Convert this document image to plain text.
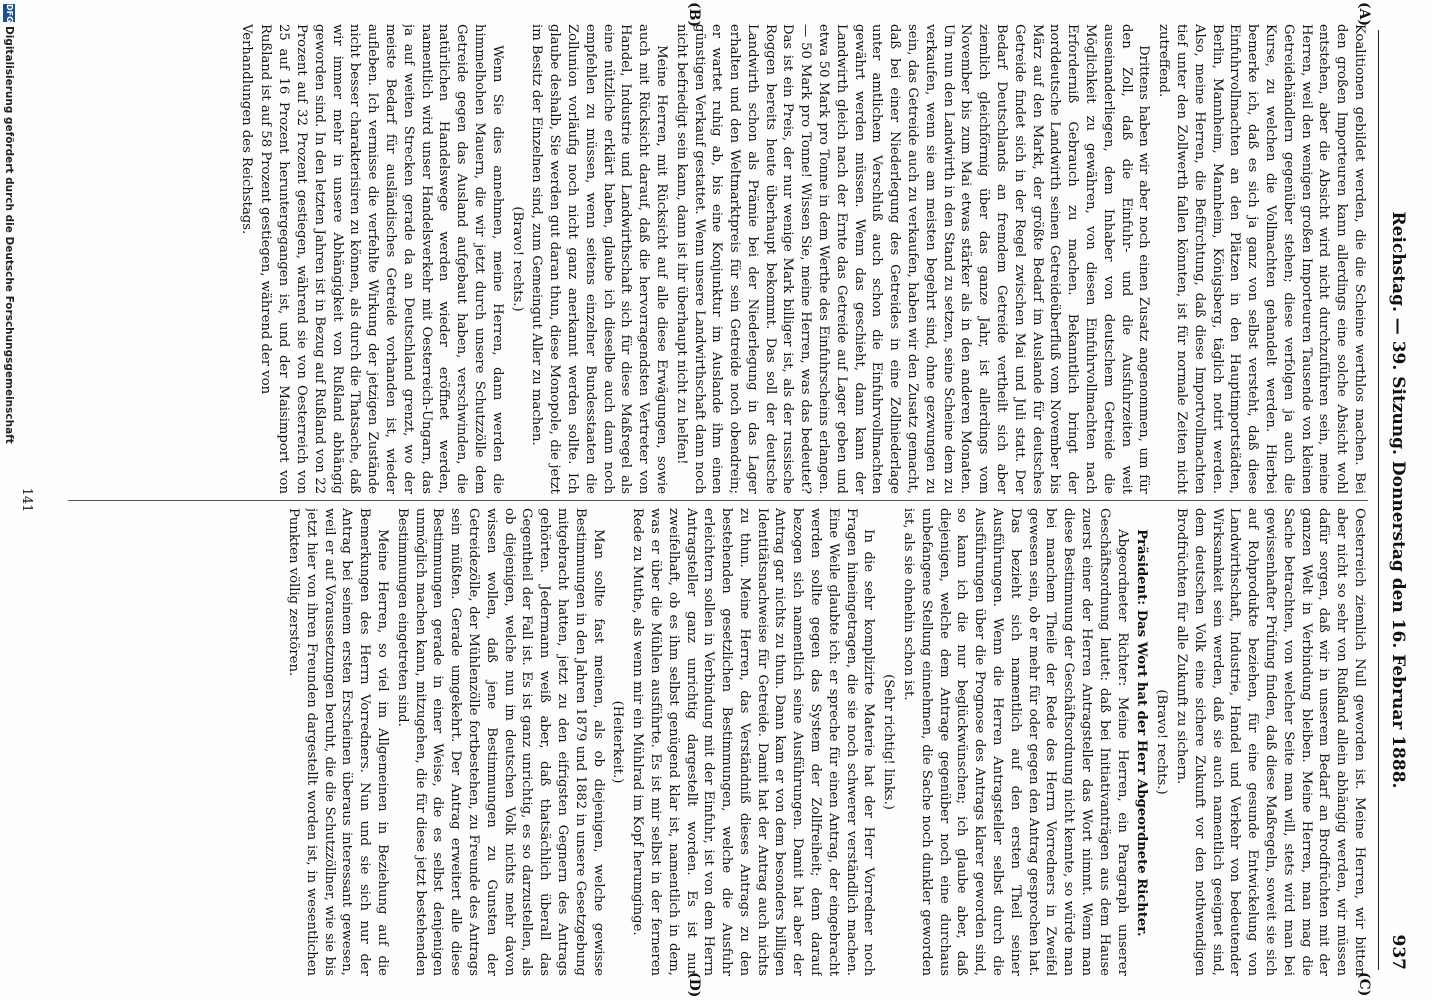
Reichstag. — 39. Sitzung. Donnerstag den 16. Februar 1888.
937
(A)
(B)
(C)
(D)

Koalitionen gebildet werden, die die Scheine werthlos machen. Bei den großen Importeuren kann allerdings eine solche Absicht wohl entstehen, aber die Absicht wird nicht durchzuführen sein, meine Herren, weil den wenigen großen Importeuren Tausende von kleinen Getreidehändlern gegenüber stehen; diese verfolgen ja auch die Kurse, zu welchen die Vollmachten gehandelt werden. Hierbei bemerke ich, daß es sich ja ganz von selbst versteht, daß diese Einfuhrvollmachten an den Plätzen in den Hauptimportstädten, Berlin, Mannheim, Mannheim, Königsberg, täglich notirt werden. Also, meine Herren, die Befürchtung, daß diese Importvollmachten tief unter den Zollwerth fallen könnten, ist für normale Zeiten nicht zutreffend.

Drittens haben wir aber noch einen Zusatz angenommen, um für den Zoll, daß die Einfuhr- und die Ausfuhrzeiten weit auseinanderliegen, dem Inhaber von deutschem Getreide die Möglichkeit zu gewähren, von diesen Einfuhrvollmachten nach Erforderniß Gebrauch zu machen. Bekanntlich bringt der norddeutsche Landwirth seinen Getreideüberfluß vom November bis März auf den Markt, der größte Bedarf im Auslande für deutsches Getreide findet sich in der Regel zwischen Mai und Juli statt. Der Bedarf Deutschlands an fremdem Getreide vertheilt sich aber ziemlich gleichförmig über das ganze Jahr, ist allerdings vom November bis zum Mai etwas stärker als in den anderen Monaten. Um nun den Landwirth in den Stand zu setzen, seine Scheine dem zu verkaufen, wenn sie am meisten begehrt sind, ohne gezwungen zu sein, das Getreide auch zu verkaufen, haben wir den Zusatz gemacht, daß bei einer Niederlegung des Getreides in eine Zollniederlage unter amtlichem Verschluß auch schon die Einfuhrvollmachten gewährt werden müssen. Wenn das geschieht, dann kann der Landwirth gleich nach der Ernte das Getreide auf Lager geben und etwa 50 Mark pro Tonne in dem Werthe des Einfuhrscheins erlangen. — 50 Mark pro Tonne! Wissen Sie, meine Herren, was das bedeutet? Das ist ein Preis, der nur wenige Mark billiger ist, als der russische Roggen bereits heute überhaupt bekommt. Das soll der deutsche Landwirth schon als Prämie bei der Niederlegung in das Lager erhalten und den Weltmarktpreis für sein Getreide noch obendrein; er wartet ruhig ab, bis eine Konjunktur im Auslande ihm einen günstigen Verkauf gestattet. Wenn unsere Landwirthschaft dann noch nicht befriedigt sein kann, dann ist ihr überhaupt nicht zu helfen!

Meine Herren, mit Rücksicht auf alle diese Erwägungen, sowie auch mit Rücksicht darauf, daß die hervorragendsten Vertreter von Handel, Industrie und Landwirthschaft sich für diese Maßregel als eine nützliche erklärt haben, glaube ich dieselbe auch dann noch empfehlen zu müssen, wenn seitens einzelner Bundesstaaten die Zollunion vorläufig noch nicht ganz anerkannt werden sollte. Ich glaube deshalb, Sie werden gut daran thun, diese Monopole, die jetzt im Besitz der Einzelnen sind, zum Gemeingut Aller zu machen.

(Bravo! rechts.)

Wenn Sie dies annehmen, meine Herren, dann werden die himmelhohen Mauern, die wir jetzt durch unsere Schutzzölle dem Getreide gegen das Ausland aufgebaut haben, verschwinden, die natürlichen Handelswege werden wieder eröffnet werden, namentlich wird unser Handelsverkehr mit Oesterreich-Ungarn, das ja auf weiten Strecken gerade da an Deutschland grenzt, wo der meiste Bedarf für ausländisches Getreide vorhanden ist, wieder aufleben. Ich vermisse die verfehlte Wirkung der jetzigen Zustände nicht besser charakterisiren zu können, als durch die Thatsache, daß wir immer mehr in unsere Abhängigkeit von Rußland abhängig geworden sind. In den letzten Jahren ist in Bezug auf Rußland von 22 Prozent auf 32 Prozent gestiegen, während sie von Oesterreich von 25 auf 16 Prozent heruntergegangen ist, und der Maisimport von Rußland ist auf 58 Prozent gestiegen, während der von

Verhandlungen des Reichstags.

Oesterreich ziemlich Null geworden ist. Meine Herren, wir bitten aber nicht so sehr von Rußland allein abhängig werden, wir müssen dafür sorgen, daß wir in unserem Bedarf an Brodfrüchten mit der ganzen Welt in Verbindung bleiben. Meine Herren, man mag die Sache betrachten, von welcher Seite man will, stets wird man bei gewissenhafter Prüfung finden, daß diese Maßregeln, soweit sie sich auf Rohprodukte beziehen, für eine gesunde Entwickelung von Landwirthschaft, Industrie, Handel und Verkehr von bedeutender Wirksamkeit sein werden, daß sie auch namentlich geeignet sind, dem deutschen Volk eine sichere Zukunft vor den nothwendigen Brodfrüchten für alle Zukunft zu sichern.

(Bravo! rechts.)

Präsident: Das Wort hat der Herr Abgeordnete Richter.

Abgeordneter Richter: Meine Herren, ein Paragraph unserer Geschäftsordnung lautet: daß bei Initiativanträgen aus dem Hause zuerst einer der Herren Antragsteller das Wort nimmt. Wenn man diese Bestimmung der Geschäftsordnung nicht kennte, so würde man bei manchem Theile der Rede des Herrn Vorredners in Zweifel gewesen sein, ob er mehr für oder gegen den Antrag gesprochen hat. Das bezieht sich namentlich auf den ersten Theil seiner Ausführungen. Wenn die Herren Antragsteller selbst durch die Ausführungen über die Prognose des Antrags klarer geworden sind, so kann ich die nur beglückwünschen; ich glaube aber, daß diejenigen, welche dem Antrage gegenüber noch eine durchaus unbefangene Stellung einnehmen, die Sache noch dunkler geworden ist, als sie ohnehin schon ist.

(Sehr richtig! links.)

In die sehr komplizirte Materie hat der Herr Vorredner noch Fragen hineingetragen, die sie noch schwerer verständlich machen. Eine Weile glaubte ich: er spreche für einen Antrag, der eingebracht werden sollte gegen das System der Zollfreiheit; denn darauf bezogen sich namentlich seine Ausführungen. Damit hat aber der Antrag gar nichts zu thun. Dann kam er von dem besonders billigen Identitätsnachweise für Getreide. Damit hat der Antrag auch nichts zu thun. Meine Herren, das Verständniß dieses Antrags zu den bestehenden gesetzlichen Bestimmungen, welche die Ausfuhr erleichtern sollen in Verbindung mit der Einfuhr, ist von dem Herrn Antragsteller ganz unrichtig dargestellt worden. Es ist nur zweifelhaft, ob es ihm selbst genügend klar ist, namentlich in dem, was er über die Mühlen ausführte. Es ist mir selbst in der ferneren Rede zu Muthe, als wenn mir ein Mühlrad im Kopf herumginge.

(Heiterkeit.)

Man sollte fast meinen, als ob diejenigen, welche gewisse Bestimmungen in den Jahren 1879 und 1882 in unsere Gesetzgebung mitgebracht hatten, jetzt zu den eifrigsten Gegnern des Antrags gehörten. Jedermann weiß aber, daß thatsächlich überall das Gegentheil der Fall ist. Es ist ganz unrichtig, es so darzustellen, als ob diejenigen, welche nun im deutschen Volk nichts mehr davon wissen wollen, daß jene Bestimmungen zu Gunsten der Getreidezölle, der Mühlenzölle fortbestehen, zu Freunde des Antrags sein müßten. Gerade umgekehrt. Der Antrag erweitert alle diese Bestimmungen gerade in einer Weise, die es selbst denjenigen unmöglich machen kann, mitzugehen, die für diese jetzt bestehenden Bestimmungen eingetreten sind.

Meine Herren, so viel im Allgemeinen in Beziehung auf die Bemerkungen des Herrn Vorredners. Nun und sie sich nur der Antrag bei seinem ersten Erscheinen überaus interessant gewesen, weil er auf Voraussetzungen beruht, die die Schutzzöllner, wie sie bis jetzt hier von ihren Freunden dargestellt worden ist, in wesentlichen Punkten völlig zerstören.

141
DFG
Digitalisierung gefördert durch die Deutsche Forschungsgemeinschaft
